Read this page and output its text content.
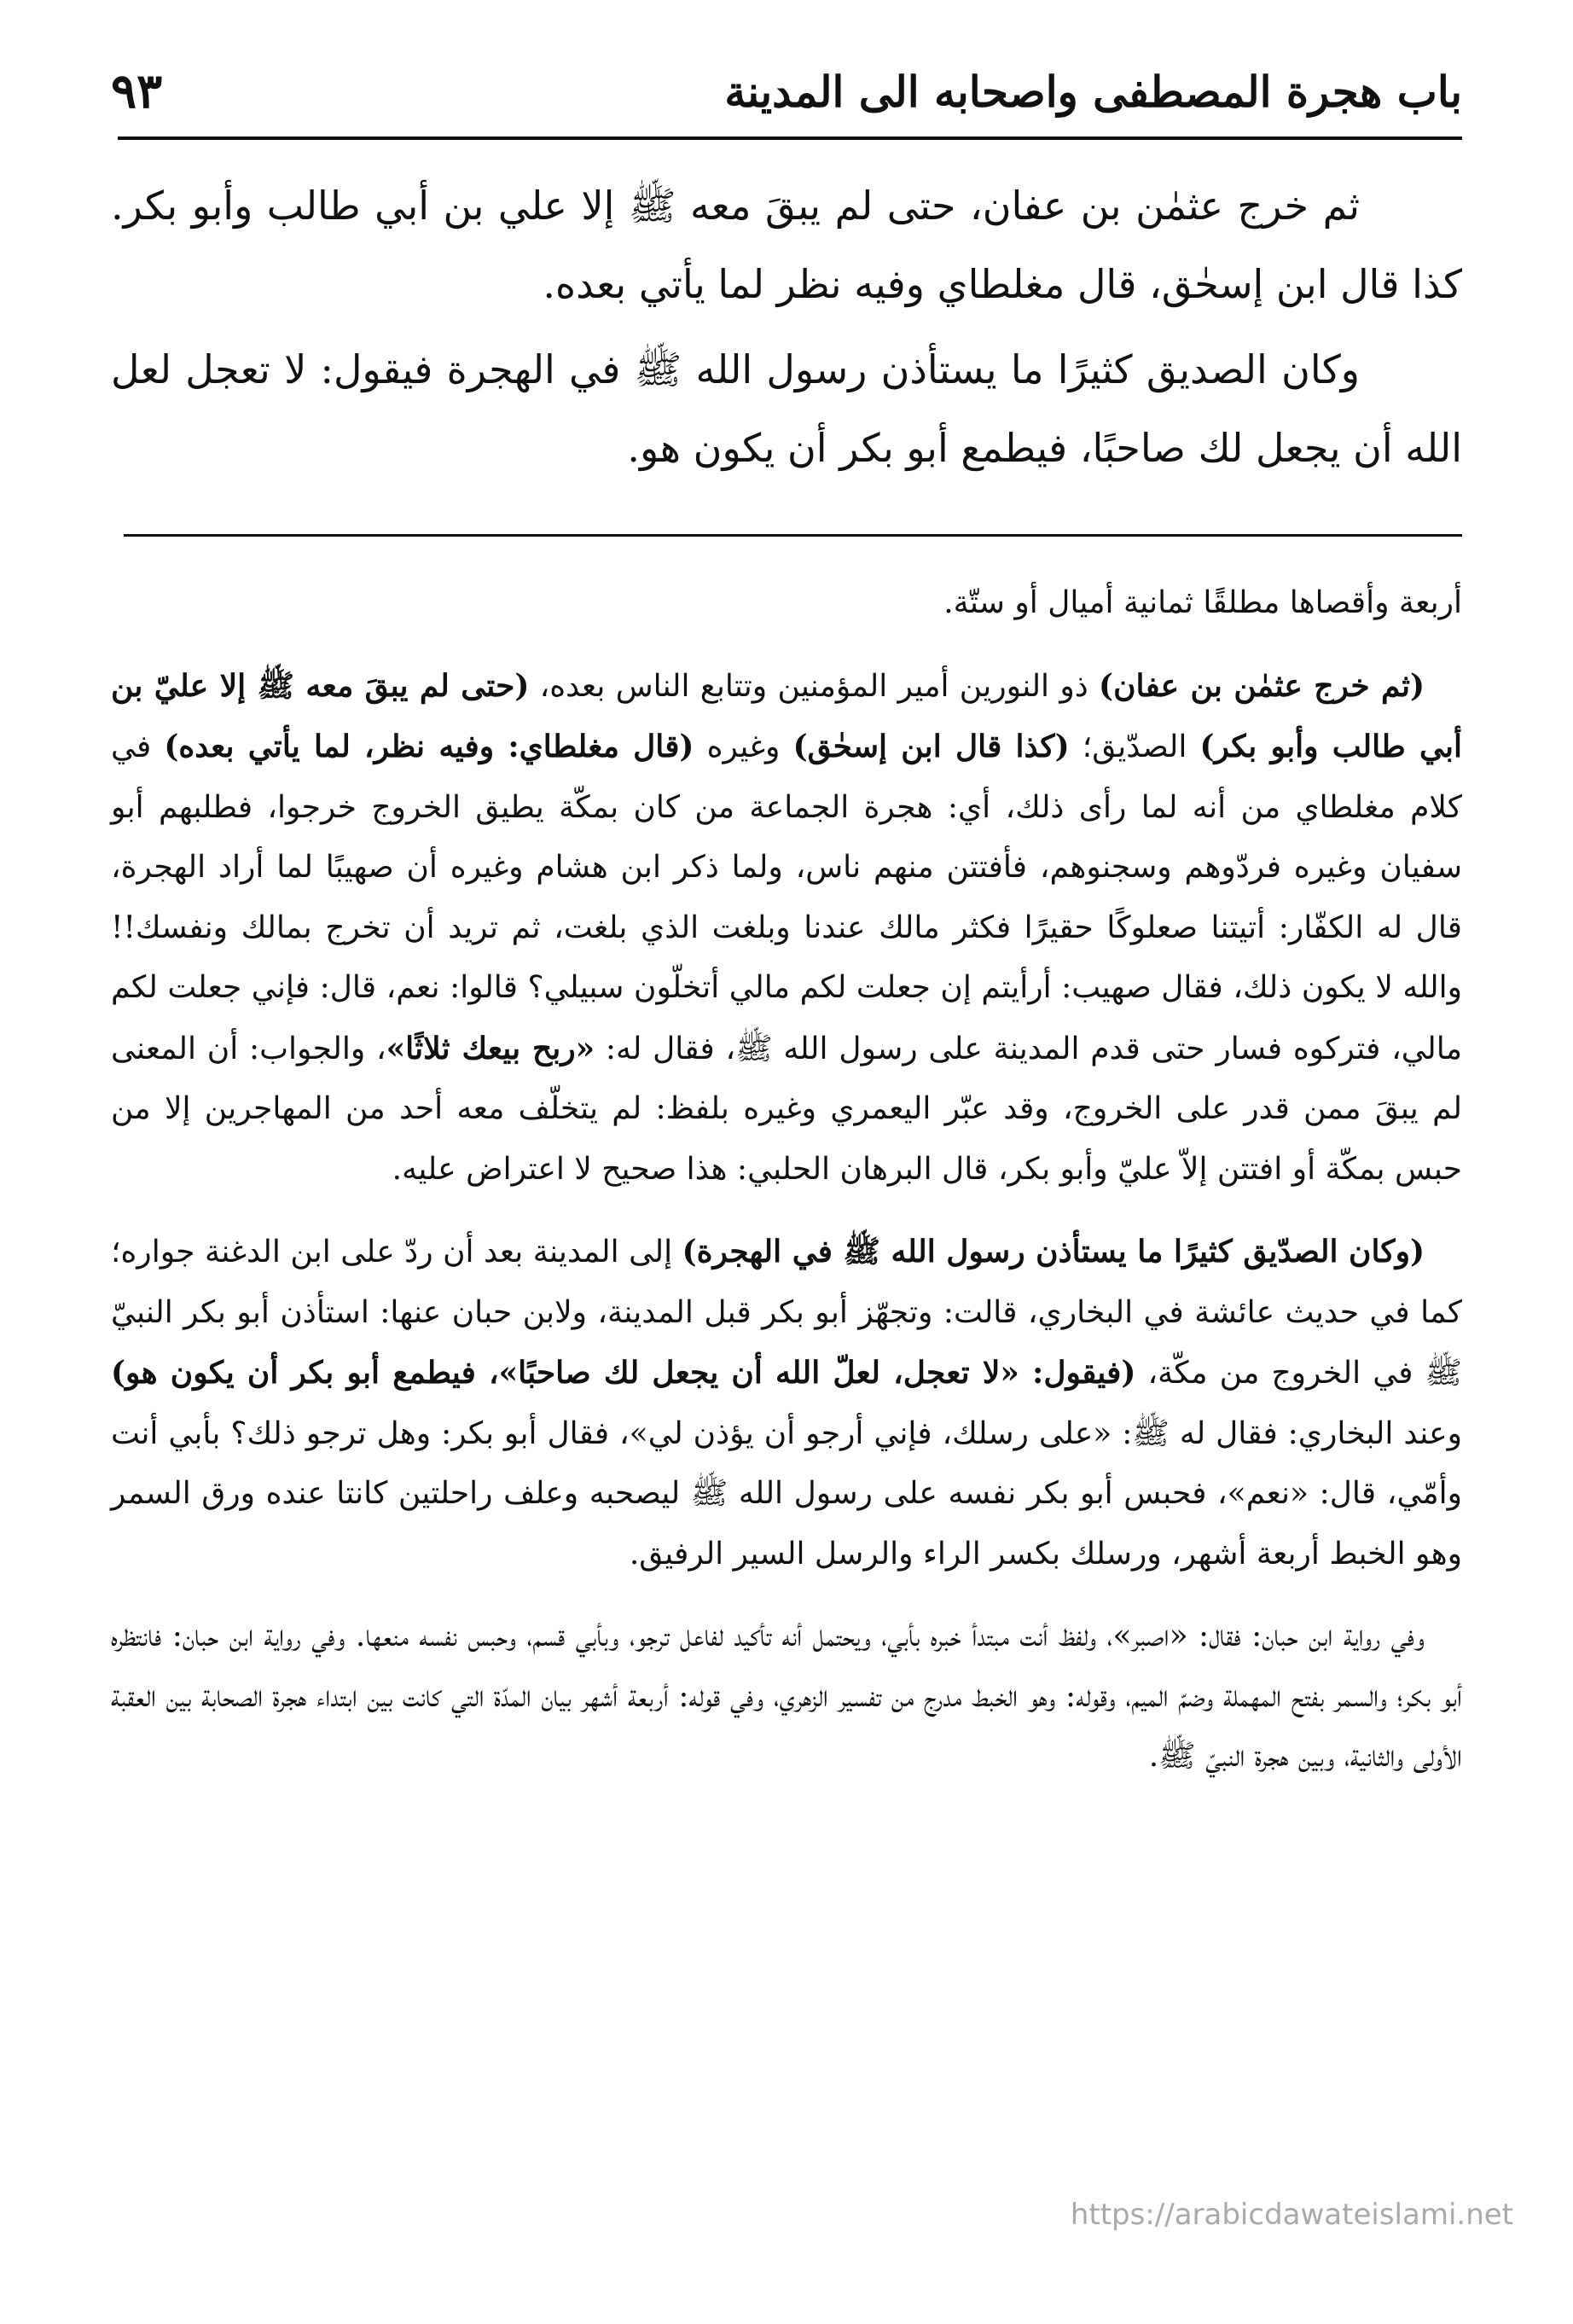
باب هجرة المصطفى واصحابه الى المدينة
٩٣

ثم خرج عثمٰن بن عفان، حتى لم يبقَ معه ﷺ إلا علي بن أبي طالب وأبو بكر. كذا قال ابن إسحٰق، قال مغلطاي وفيه نظر لما يأتي بعده.

وكان الصديق كثيرًا ما يستأذن رسول الله ﷺ في الهجرة فيقول: لا تعجل لعل الله أن يجعل لك صاحبًا، فيطمع أبو بكر أن يكون هو.

أربعة وأقصاها مطلقًا ثمانية أميال أو ستّة.

(ثم خرج عثمٰن بن عفان) ذو النورين أمير المؤمنين وتتابع الناس بعده، (حتى لم يبقَ معه ﷺ إلا عليّ بن أبي طالب وأبو بكر) الصدّيق؛ (كذا قال ابن إسحٰق) وغيره (قال مغلطاي: وفيه نظر، لما يأتي بعده) في كلام مغلطاي من أنه لما رأى ذلك، أي: هجرة الجماعة من كان بمكّة يطيق الخروج خرجوا، فطلبهم أبو سفيان وغيره فردّوهم وسجنوهم، فأفتتن منهم ناس، ولما ذكر ابن هشام وغيره أن صهيبًا لما أراد الهجرة، قال له الكفّار: أتيتنا صعلوكًا حقيرًا فكثر مالك عندنا وبلغت الذي بلغت، ثم تريد أن تخرج بمالك ونفسك!! والله لا يكون ذلك، فقال صهيب: أرأيتم إن جعلت لكم مالي أتخلّون سبيلي؟ قالوا: نعم، قال: فإني جعلت لكم مالي، فتركوه فسار حتى قدم المدينة على رسول الله ﷺ، فقال له: «ربح بيعك ثلاثًا»، والجواب: أن المعنى لم يبقَ ممن قدر على الخروج، وقد عبّر اليعمري وغيره بلفظ: لم يتخلّف معه أحد من المهاجرين إلا من حبس بمكّة أو افتتن إلاّ عليّ وأبو بكر، قال البرهان الحلبي: هذا صحيح لا اعتراض عليه.

(وكان الصدّيق كثيرًا ما يستأذن رسول الله ﷺ في الهجرة) إلى المدينة بعد أن ردّ على ابن الدغنة جواره؛ كما في حديث عائشة في البخاري، قالت: وتجهّز أبو بكر قبل المدينة، ولابن حبان عنها: استأذن أبو بكر النبيّ ﷺ في الخروج من مكّة، (فيقول: «لا تعجل، لعلّ الله أن يجعل لك صاحبًا»، فيطمع أبو بكر أن يكون هو) وعند البخاري: فقال له ﷺ: «على رسلك، فإني أرجو أن يؤذن لي»، فقال أبو بكر: وهل ترجو ذلك؟ بأبي أنت وأمّي، قال: «نعم»، فحبس أبو بكر نفسه على رسول الله ﷺ ليصحبه وعلف راحلتين كانتا عنده ورق السمر وهو الخبط أربعة أشهر، ورسلك بكسر الراء والرسل السير الرفيق.

وفي رواية ابن حبان: فقال: «اصبر»، ولفظ أنت مبتدأ خبره بأبي، ويحتمل أنه تأكيد لفاعل ترجو، وبأبي قسم، وحبس نفسه منعها. وفي رواية ابن حبان: فانتظره أبو بكر؛ والسمر بفتح المهملة وضمّ الميم، وقوله: وهو الخبط مدرج من تفسير الزهري، وفي قوله: أربعة أشهر بيان المدّة التي كانت بين ابتداء هجرة الصحابة بين العقبة الأولى والثانية، وبين هجرة النبيّ ﷺ.

https://arabicdawateislami.net
